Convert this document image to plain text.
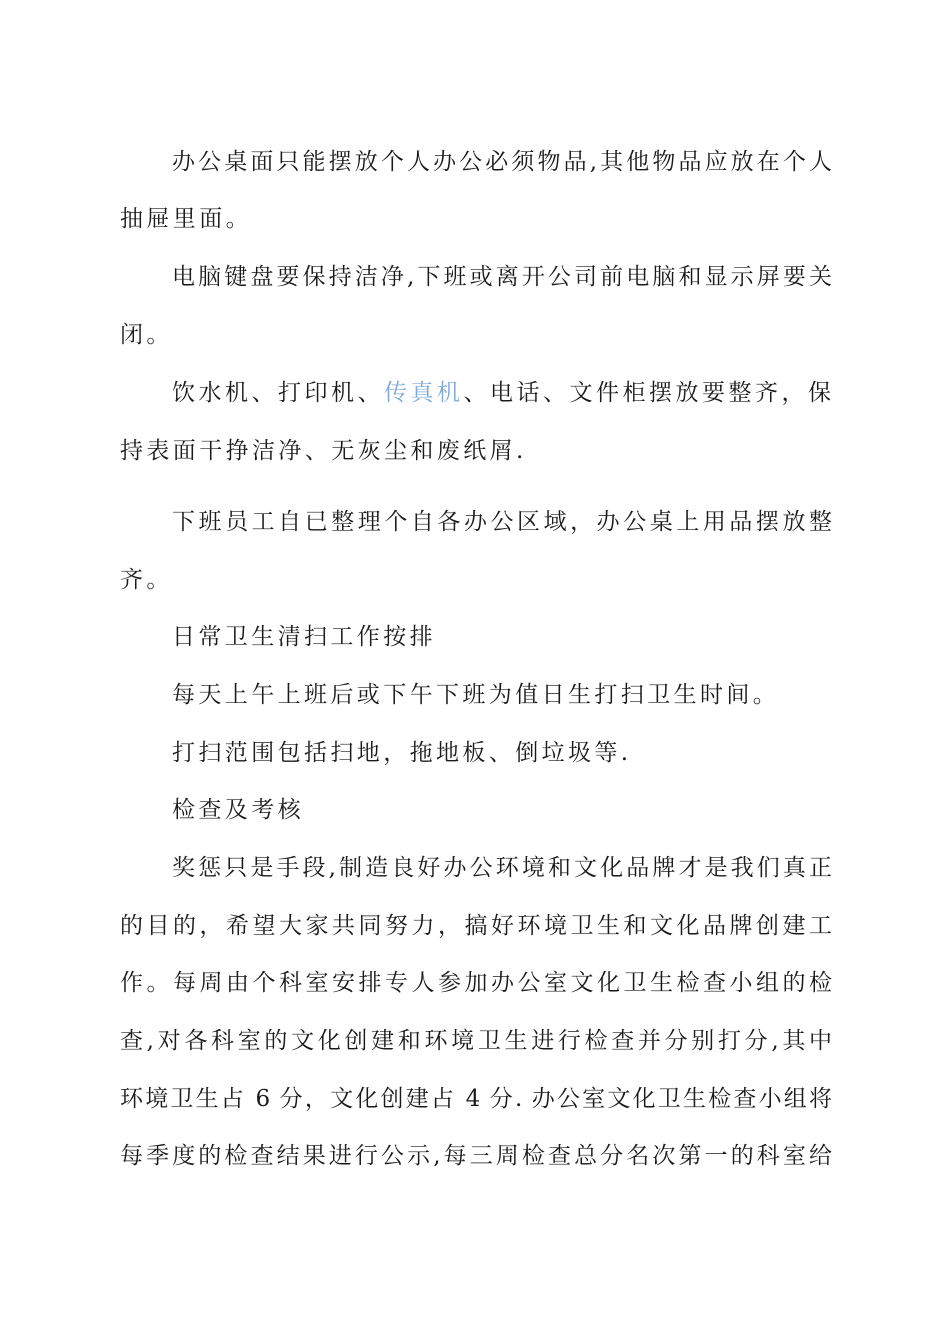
办公桌面只能摆放个人办公必须物品,其他物品应放在个人
抽屉里面。
电脑键盘要保持洁净,下班或离开公司前电脑和显示屏要关
闭。
饮水机、打印机、传真机、电话、文件柜摆放要整齐，保
持表面干挣洁净、无灰尘和废纸屑.
下班员工自已整理个自各办公区域，办公桌上用品摆放整
齐。
日常卫生清扫工作按排
每天上午上班后或下午下班为值日生打扫卫生时间。
打扫范围包括扫地，拖地板、倒垃圾等.
检查及考核
奖惩只是手段,制造良好办公环境和文化品牌才是我们真正
的目的，希望大家共同努力，搞好环境卫生和文化品牌创建工
作。每周由个科室安排专人参加办公室文化卫生检查小组的检
查,对各科室的文化创建和环境卫生进行检查并分别打分,其中
环境卫生占 6 分，文化创建占 4 分. 办公室文化卫生检查小组将
每季度的检查结果进行公示,每三周检查总分名次第一的科室给
